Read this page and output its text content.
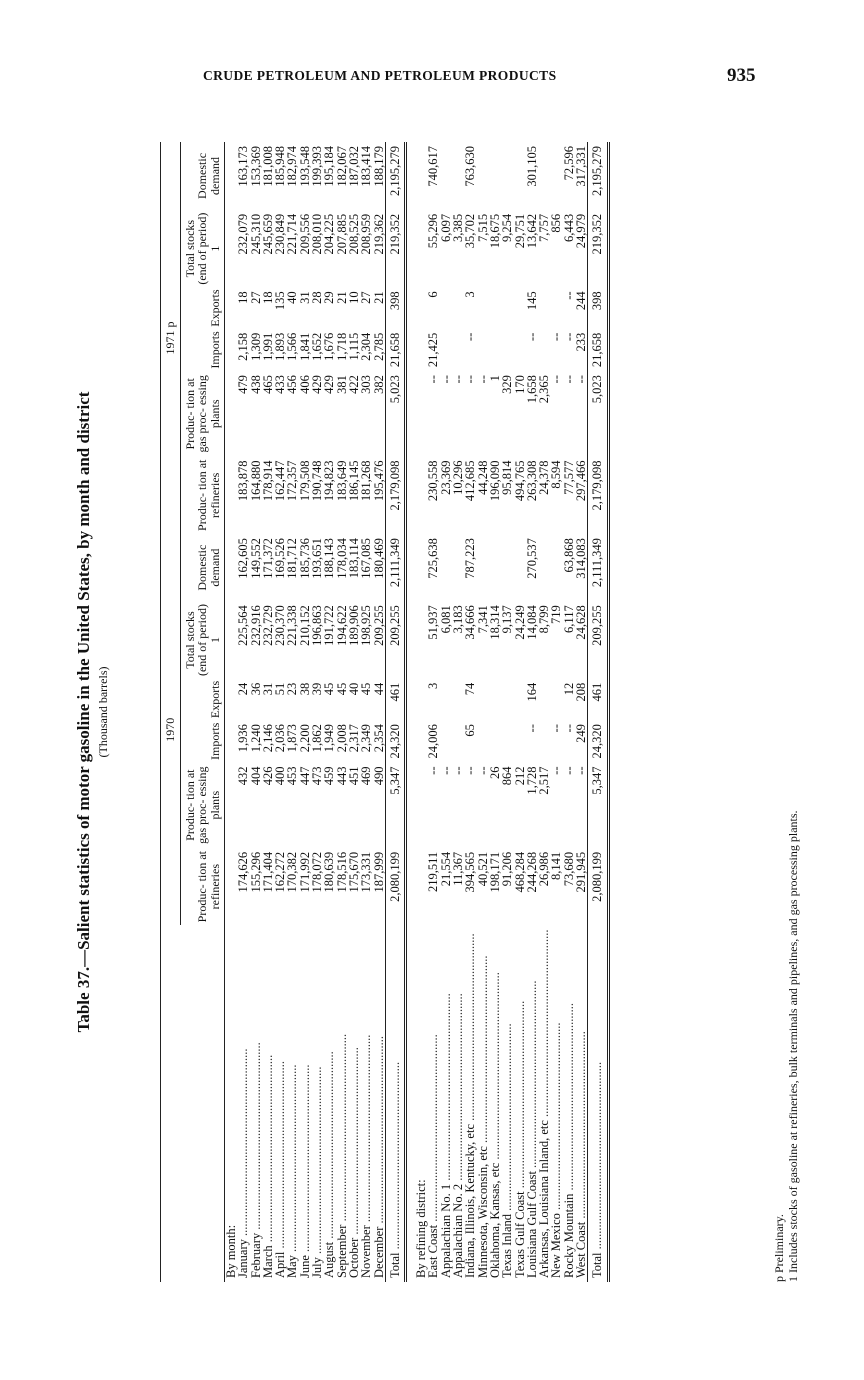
CRUDE PETROLEUM AND PETROLEUM PRODUCTS	935
Table 37.—Salient statistics of motor gasoline in the United States, by month and district (Thousand barrels)
		1970						1971 p					
	Produc- tion at refineries	Produc- tion at gas proc- essing plants	Imports	Exports	Total stocks (end of period) 1	Domestic demand	Produc- tion at refineries	Produc- tion at gas proc- essing plants	Imports	Exports	Total stocks (end of period) 1	Domestic demand
By month:												
January ............................................................	174,626	432	1,936	24	225,564	162,605	183,878	479	2,158	18	232,079	163,173
February ............................................................	155,296	404	1,240	36	232,916	149,552	164,880	438	1,309	27	245,310	153,369
March ............................................................	171,404	426	2,146	31	232,729	171,372	178,914	465	1,991	18	245,659	181,008
April ............................................................	162,272	400	2,036	51	230,370	169,526	162,447	433	1,893	135	230,849	185,948
May ............................................................	170,382	453	1,873	23	221,338	181,712	172,357	456	1,566	40	221,714	182,974
June ............................................................	171,992	447	2,200	38	210,152	185,736	179,508	406	1,841	31	209,556	193,548
July ............................................................	178,072	473	1,862	39	196,863	193,651	190,748	429	1,652	28	208,010	199,393
August ............................................................	180,639	459	1,949	45	191,722	188,143	194,823	429	1,676	29	204,225	195,184
September ............................................................	178,516	443	2,008	45	194,622	178,034	183,649	381	1,718	21	207,885	182,067
October ............................................................	175,670	451	2,317	40	189,906	183,114	186,145	422	1,115	10	208,525	187,032
November ............................................................	173,331	469	2,349	45	198,925	167,085	181,268	303	2,304	27	208,959	183,414
December ............................................................	187,999	490	2,354	44	209,255	180,469	195,476	382	2,785	21	219,362	188,179
Total ............................................................	2,080,199	5,347	24,320	461	209,255	2,111,349	2,179,098	5,023	21,658	398	219,352	2,195,279
By refining district:												
East Coast ............................................................	219,511	--	24,006	3	51,937	725,638	230,558	--	21,425	6	55,296	740,617
Appalachian No. 1 ............................................................	21,554	--			6,081		23,369	--			6,097	
Appalachian No. 2 ............................................................	11,367	--			3,183		10,296	--			3,385	
Indiana, Illinois, Kentucky, etc ............................................................	394,565	--	65	74	34,666	787,223	412,685	--	--	3	35,702	763,630
Minnesota, Wisconsin, etc ............................................................	40,521	--			7,341		44,248	--			7,515	
Oklahoma, Kansas, etc ............................................................	198,171	26			18,314		196,090	1			18,675	
Texas Inland ............................................................	91,206	864			9,137		95,814	329			9,254	
Texas Gulf Coast ............................................................	468,284	212			24,249		494,765	170			29,751	
Louisiana Gulf Coast ............................................................	244,268	1,728	--	164	14,084	270,537	263,308	1,658	--	145	13,642	301,105
Arkansas, Louisiana Inland, etc ............................................................	26,986	2,517			8,799		24,378	2,365			7,757	
New Mexico ............................................................	8,141	--	--		719		8,594	--	--		856	
Rocky Mountain ............................................................	73,680	--	--	12	6,117	63,868	77,577	--	--	--	6,443	72,596
West Coast ............................................................	291,945	--	249	208	24,628	314,083	297,466	--	233	244	24,979	317,331
Total ............................................................	2,080,199	5,347	24,320	461	209,255	2,111,349	2,179,098	5,023	21,658	398	219,352	2,195,279
p Preliminary. 1 Includes stocks of gasoline at refineries, bulk terminals and pipelines, and gas processing plants.
